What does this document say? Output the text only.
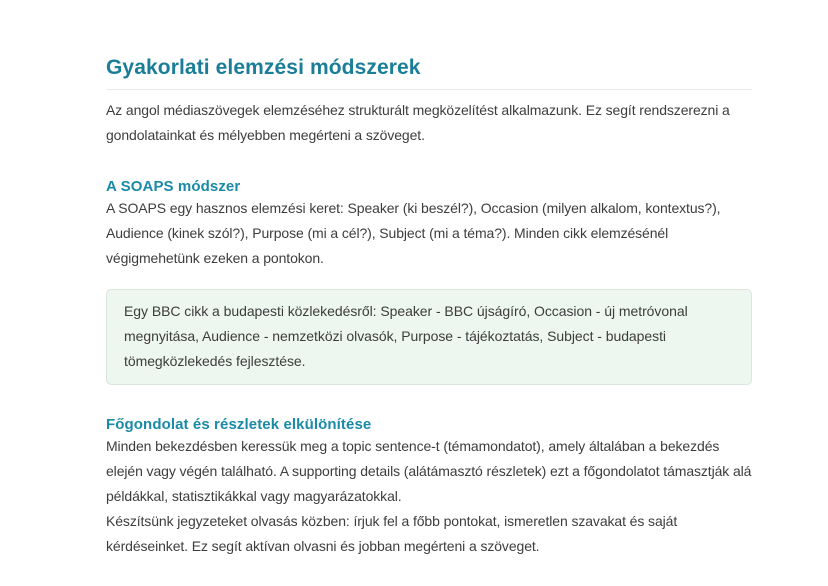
Gyakorlati elemzési módszerek

Az angol médiaszövegek elemzéséhez strukturált megközelítést alkalmazunk. Ez segít rendszerezni a gondolatainkat és mélyebben megérteni a szöveget.

A SOAPS módszer

A SOAPS egy hasznos elemzési keret: Speaker (ki beszél?), Occasion (milyen alkalom, kontextus?), Audience (kinek szól?), Purpose (mi a cél?), Subject (mi a téma?). Minden cikk elemzésénél végigmehetünk ezeken a pontokon.

Egy BBC cikk a budapesti közlekedésről: Speaker - BBC újságíró, Occasion - új metróvonal megnyitása, Audience - nemzetközi olvasók, Purpose - tájékoztatás, Subject - budapesti tömegközlekedés fejlesztése.

Főgondolat és részletek elkülönítése

Minden bekezdésben keressük meg a topic sentence-t (témamondatot), amely általában a bekezdés elején vagy végén található. A supporting details (alátámasztó részletek) ezt a főgondolatot támasztják alá példákkal, statisztikákkal vagy magyarázatokkal.

Készítsünk jegyzeteket olvasás közben: írjuk fel a főbb pontokat, ismeretlen szavakat és saját kérdéseinket. Ez segít aktívan olvasni és jobban megérteni a szöveget.
